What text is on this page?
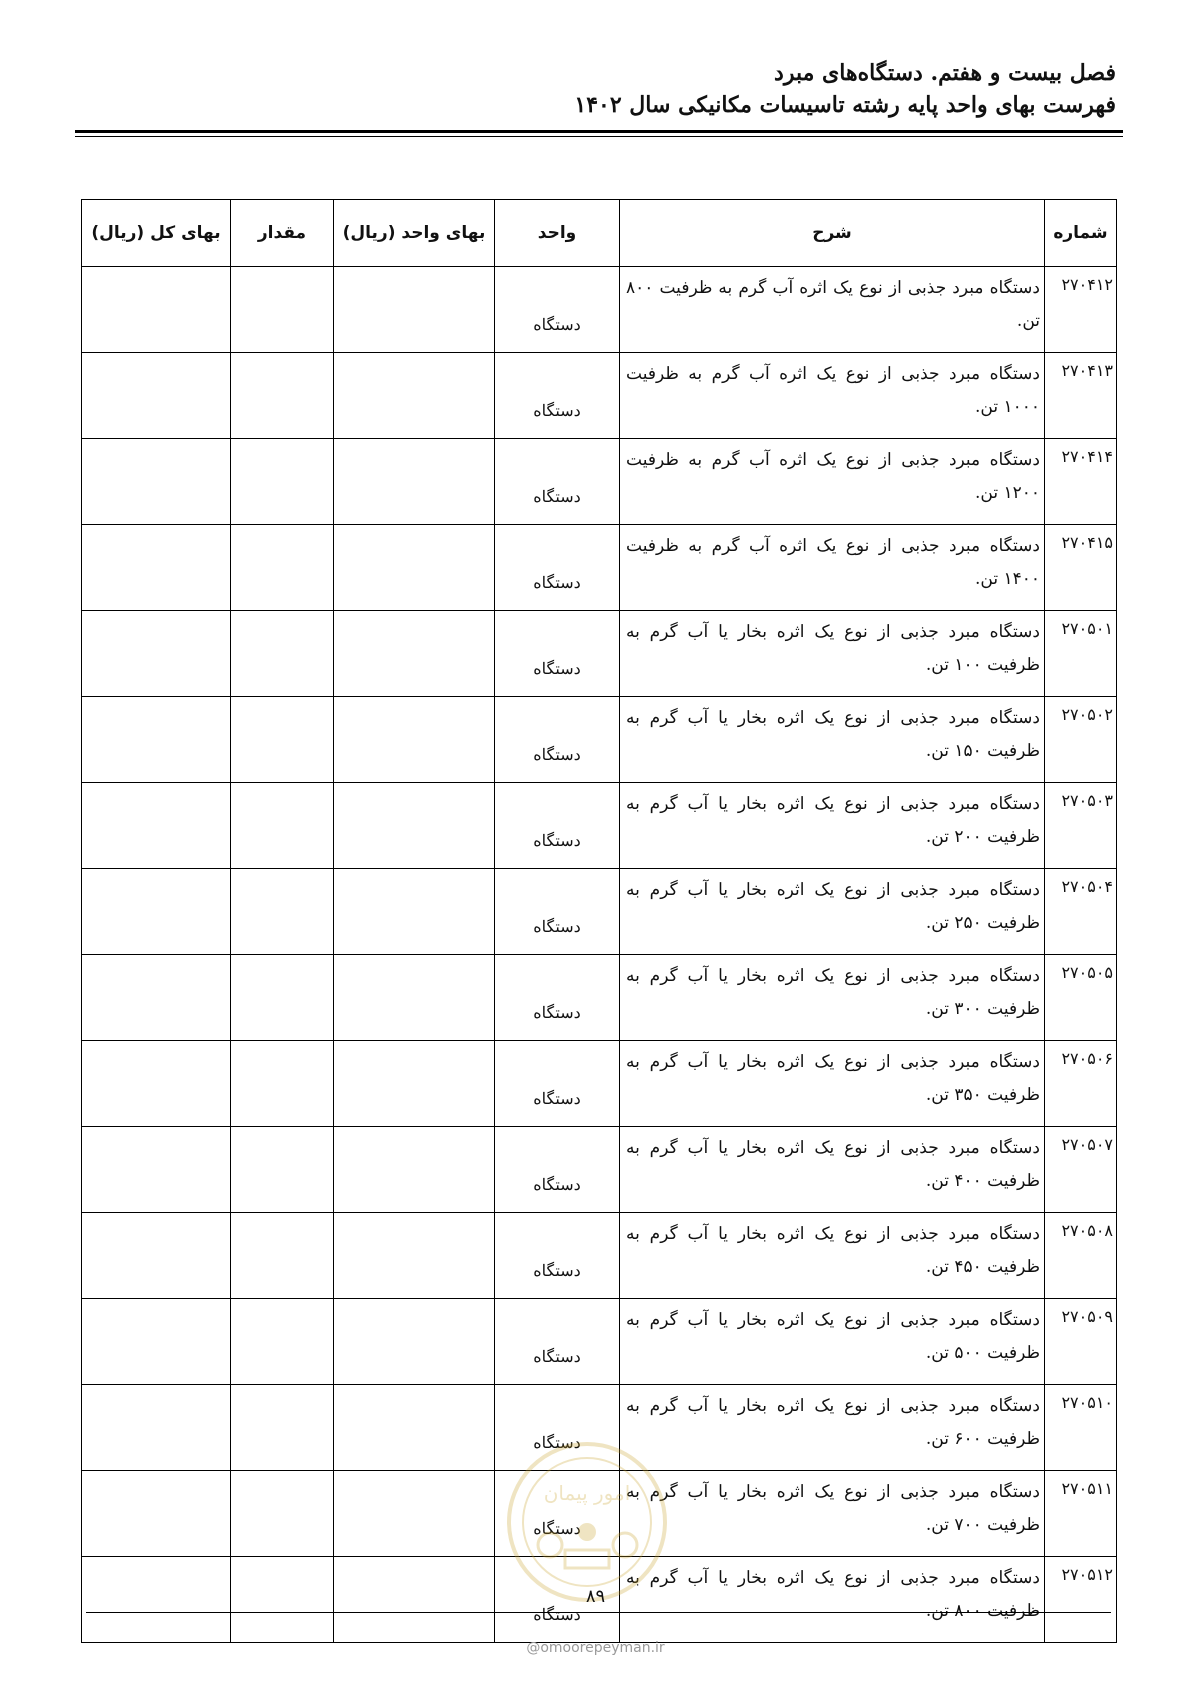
فصل بیست و هفتم. دستگاه‌های مبرد
فهرست بهای واحد پایه رشته تاسیسات مکانیکی سال ۱۴۰۲
شماره	شرح	واحد	بهای واحد (ریال)	مقدار	بهای کل (ریال)
۲۷۰۴۱۲	دستگاه مبرد جذبی از نوع یک اثره آب گرم به ظرفیت ۸۰۰ تن.	دستگاه			

۲۷۰۴۱۳	دستگاه مبرد جذبی از نوع یک اثره آب گرم به ظرفیت ۱۰۰۰ تن.	دستگاه			

۲۷۰۴۱۴	دستگاه مبرد جذبی از نوع یک اثره آب گرم به ظرفیت ۱۲۰۰ تن.	دستگاه			

۲۷۰۴۱۵	دستگاه مبرد جذبی از نوع یک اثره آب گرم به ظرفیت ۱۴۰۰ تن.	دستگاه			

۲۷۰۵۰۱	دستگاه مبرد جذبی از نوع یک اثره بخار یا آب گرم به ظرفیت ۱۰۰ تن.	دستگاه			

۲۷۰۵۰۲	دستگاه مبرد جذبی از نوع یک اثره بخار یا آب گرم به ظرفیت ۱۵۰ تن.	دستگاه			

۲۷۰۵۰۳	دستگاه مبرد جذبی از نوع یک اثره بخار یا آب گرم به ظرفیت ۲۰۰ تن.	دستگاه			

۲۷۰۵۰۴	دستگاه مبرد جذبی از نوع یک اثره بخار یا آب گرم به ظرفیت ۲۵۰ تن.	دستگاه			

۲۷۰۵۰۵	دستگاه مبرد جذبی از نوع یک اثره بخار یا آب گرم به ظرفیت ۳۰۰ تن.	دستگاه			

۲۷۰۵۰۶	دستگاه مبرد جذبی از نوع یک اثره بخار یا آب گرم به ظرفیت ۳۵۰ تن.	دستگاه			

۲۷۰۵۰۷	دستگاه مبرد جذبی از نوع یک اثره بخار یا آب گرم به ظرفیت ۴۰۰ تن.	دستگاه			

۲۷۰۵۰۸	دستگاه مبرد جذبی از نوع یک اثره بخار یا آب گرم به ظرفیت ۴۵۰ تن.	دستگاه			

۲۷۰۵۰۹	دستگاه مبرد جذبی از نوع یک اثره بخار یا آب گرم به ظرفیت ۵۰۰ تن.	دستگاه			

۲۷۰۵۱۰	دستگاه مبرد جذبی از نوع یک اثره بخار یا آب گرم به ظرفیت ۶۰۰ تن.	دستگاه			

۲۷۰۵۱۱	دستگاه مبرد جذبی از نوع یک اثره بخار یا آب گرم به ظرفیت ۷۰۰ تن.	دستگاه			

۲۷۰۵۱۲	دستگاه مبرد جذبی از نوع یک اثره بخار یا آب گرم به ظرفیت ۸۰۰ تن.	دستگاه			

امور پیمان
۸۹
@omoorepeyman.ir
